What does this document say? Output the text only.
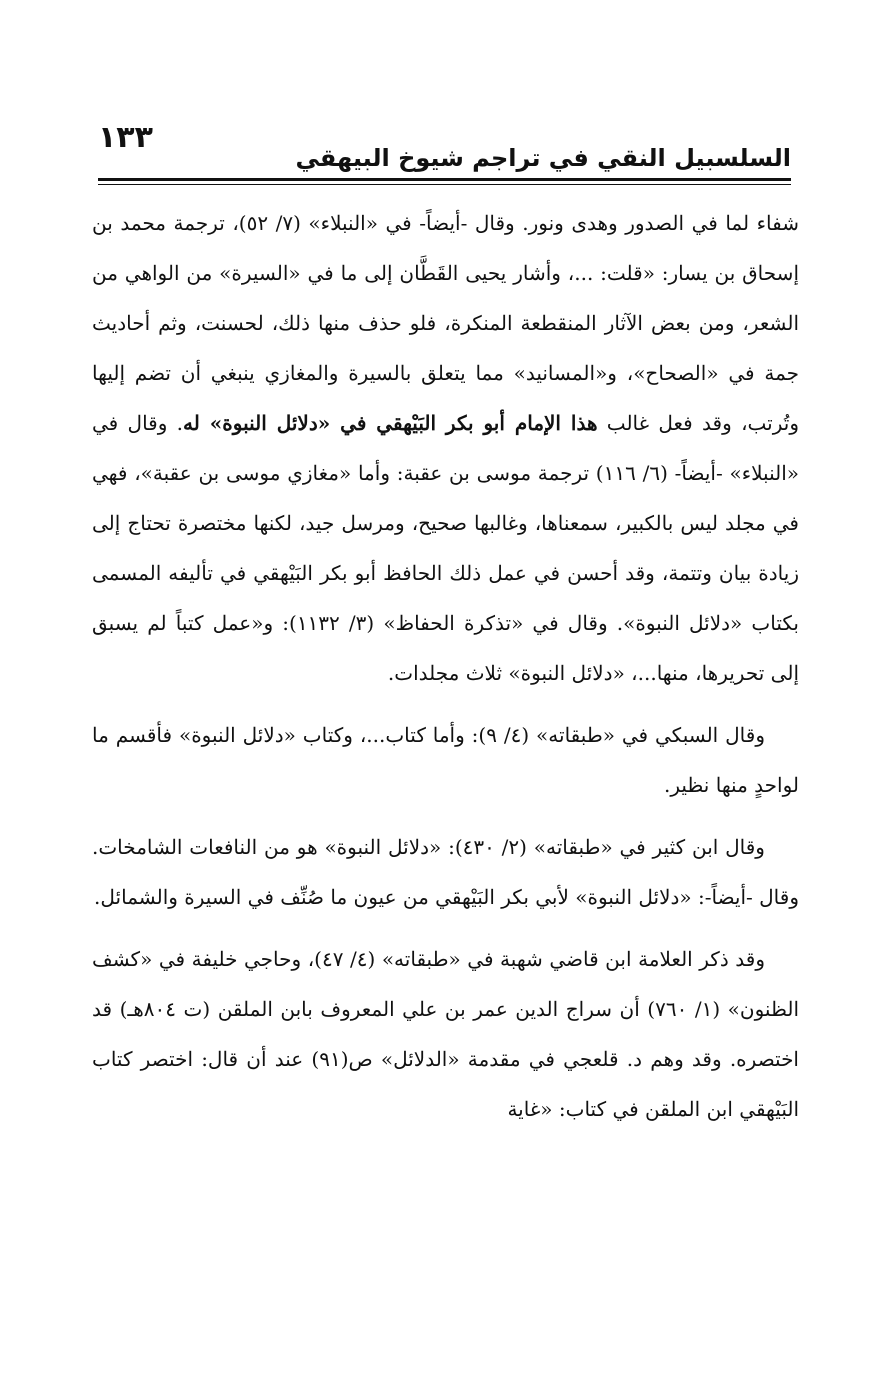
١٣٣
السلسبيل النقي في تراجم شيوخ البيهقي

شفاء لما في الصدور وهدى ونور. وقال -أيضاً- في «النبلاء» (٧/ ٥٢)، ترجمة محمد بن إسحاق بن يسار: «قلت: ...، وأشار يحيى القَطَّان إلى ما في «السيرة» من الواهي من الشعر، ومن بعض الآثار المنقطعة المنكرة، فلو حذف منها ذلك، لحسنت، وثم أحاديث جمة في «الصحاح»، و«المسانيد» مما يتعلق بالسيرة والمغازي ينبغي أن تضم إليها وتُرتب، وقد فعل غالب هذا الإمام أبو بكر البَيْهقي في «دلائل النبوة» له. وقال في «النبلاء» -أيضاً- (٦/ ١١٦) ترجمة موسى بن عقبة: وأما «مغازي موسى بن عقبة»، فهي في مجلد ليس بالكبير، سمعناها، وغالبها صحيح، ومرسل جيد، لكنها مختصرة تحتاج إلى زيادة بيان وتتمة، وقد أحسن في عمل ذلك الحافظ أبو بكر البَيْهقي في تأليفه المسمى بكتاب «دلائل النبوة». وقال في «تذكرة الحفاظ» (٣/ ١١٣٢): و«عمل كتباً لم يسبق إلى تحريرها، منها...، «دلائل النبوة» ثلاث مجلدات.

وقال السبكي في «طبقاته» (٤/ ٩): وأما كتاب...، وكتاب «دلائل النبوة» فأقسم ما لواحدٍ منها نظير.

وقال ابن كثير في «طبقاته» (٢/ ٤٣٠): «دلائل النبوة» هو من النافعات الشامخات. وقال -أيضاً-: «دلائل النبوة» لأبي بكر البَيْهقي من عيون ما صُنِّف في السيرة والشمائل.

وقد ذكر العلامة ابن قاضي شهبة في «طبقاته» (٤/ ٤٧)، وحاجي خليفة في «كشف الظنون» (١/ ٧٦٠) أن سراج الدين عمر بن علي المعروف بابن الملقن (ت ٨٠٤هـ) قد اختصره. وقد وهم د. قلعجي في مقدمة «الدلائل» ص(٩١) عند أن قال: اختصر كتاب البَيْهقي ابن الملقن في كتاب: «غاية
